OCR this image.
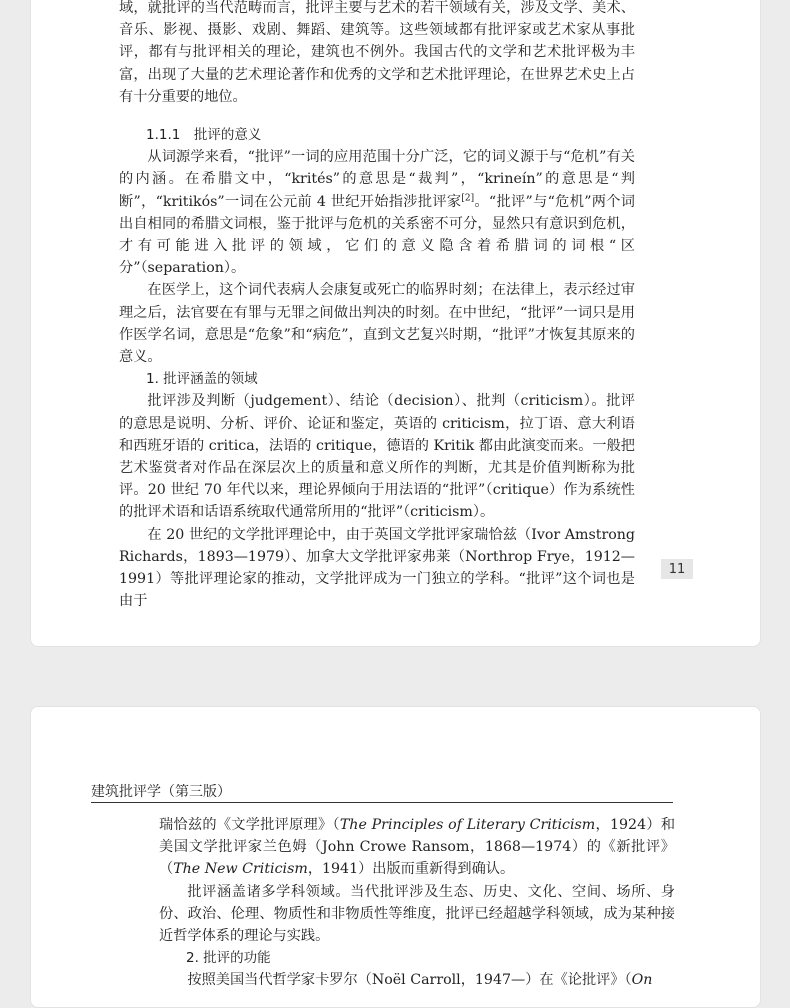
域，就批评的当代范畴而言，批评主要与艺术的若干领域有关，涉及文学、美术、音乐、影视、摄影、戏剧、舞蹈、建筑等。这些领域都有批评家或艺术家从事批评，都有与批评相关的理论，建筑也不例外。我国古代的文学和艺术批评极为丰富，出现了大量的艺术理论著作和优秀的文学和艺术批评理论，在世界艺术史上占有十分重要的地位。

1.1.1　批评的意义

从词源学来看，“批评”一词的应用范围十分广泛，它的词义源于与“危机”有关的内涵。在希腊文中，“krités”的意思是“裁判”，“krineín”的意思是“判断”，“kritikós”一词在公元前 4 世纪开始指涉批评家[2]。“批评”与“危机”两个词出自相同的希腊文词根，鉴于批评与危机的关系密不可分，显然只有意识到危机，才有可能进入批评的领域，它们的意义隐含着希腊词的词根“区分”（separation）。

在医学上，这个词代表病人会康复或死亡的临界时刻；在法律上，表示经过审理之后，法官要在有罪与无罪之间做出判决的时刻。在中世纪，“批评”一词只是用作医学名词，意思是“危象”和“病危”，直到文艺复兴时期，“批评”才恢复其原来的意义。

1. 批评涵盖的领域

批评涉及判断（judgement）、结论（decision）、批判（criticism）。批评的意思是说明、分析、评价、论证和鉴定，英语的 criticism，拉丁语、意大利语和西班牙语的 critica，法语的 critique，德语的 Kritik 都由此演变而来。一般把艺术鉴赏者对作品在深层次上的质量和意义所作的判断，尤其是价值判断称为批评。20 世纪 70 年代以来，理论界倾向于用法语的“批评”（critique）作为系统性的批评术语和话语系统取代通常所用的“批评”（criticism）。

在 20 世纪的文学批评理论中，由于英国文学批评家瑞恰兹（Ivor Amstrong Richards，1893—1979）、加拿大文学批评家弗莱（Northrop Frye，1912—1991）等批评理论家的推动，文学批评成为一门独立的学科。“批评”这个词也是由于

11
建筑批评学（第三版）

瑞恰兹的《文学批评原理》（The Principles of Literary Criticism，1924）和美国文学批评家兰色姆（John Crowe Ransom，1868—1974）的《新批评》（The New Criticism，1941）出版而重新得到确认。

批评涵盖诸多学科领域。当代批评涉及生态、历史、文化、空间、场所、身份、政治、伦理、物质性和非物质性等维度，批评已经超越学科领域，成为某种接近哲学体系的理论与实践。

2. 批评的功能

按照美国当代哲学家卡罗尔（Noël Carroll，1947—）在《论批评》（On
